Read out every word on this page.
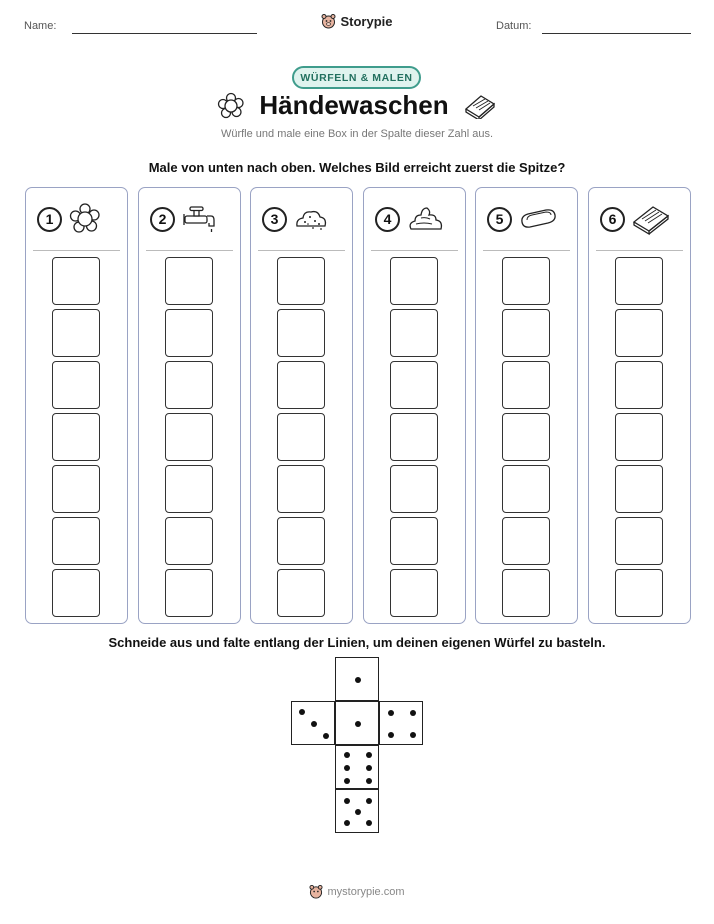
Name:	Storypie	Datum:
WÜRFELN & MALEN
Händewaschen
Würfle und male eine Box in der Spalte dieser Zahl aus.
Male von unten nach oben. Welches Bild erreicht zuerst die Spitze?
1	2	3	4	5	6
Schneide aus und falte entlang der Linien, um deinen eigenen Würfel zu basteln.
mystorypie.com
